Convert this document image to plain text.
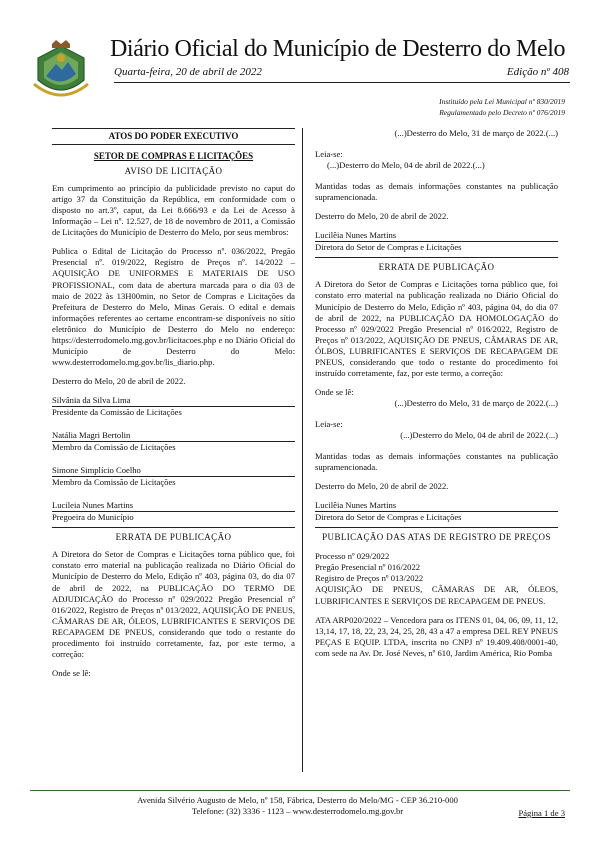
Diário Oficial do Município de Desterro do Melo
Quarta-feira, 20 de abril de 2022	Edição nº 408
Instituído pela Lei Municipal nº 830/2019
Regulamentado pelo Decreto nº 076/2019
ATOS DO PODER EXECUTIVO
SETOR DE COMPRAS E LICITAÇÕES
AVISO DE LICITAÇÃO

Em cumprimento ao princípio da publicidade previsto no caput do artigo 37 da Constituição da República, em conformidade com o disposto no art.3º, caput, da Lei 8.666/93 e da Lei de Acesso à Informação – Lei nº. 12.527, de 18 de novembro de 2011, a Comissão de Licitações do Município de Desterro do Melo, por seus membros:

Publica o Edital de Licitação do Processo nº. 036/2022, Pregão Presencial nº. 019/2022, Registro de Preços nº. 14/2022 – AQUISIÇÃO DE UNIFORMES E MATERIAIS DE USO PROFISSIONAL, com data de abertura marcada para o dia 03 de maio de 2022 às 13H00min, no Setor de Compras e Licitações da Prefeitura de Desterro do Melo, Minas Gerais. O edital e demais informações referentes ao certame encontram-se disponíveis no sítio eletrônico do Município de Desterro do Melo no endereço: https://desterrodomelo.mg.gov.br/licitacoes.php e no Diário Oficial do Município de Desterro do Melo: www.desterrodomelo.mg.gov.br/lis_diario.php.

Desterro do Melo, 20 de abril de 2022.

Silvânia da Silva Lima

Presidente da Comissão de Licitações

Natália Magri Bertolin

Membro da Comissão de Licitações

Simone Simplício Coelho

Membro da Comissão de Licitações

Lucileia Nunes Martins

Pregoeira do Município

ERRATA DE PUBLICAÇÃO

A Diretora do Setor de Compras e Licitações torna público que, foi constato erro material na publicação realizada no Diário Oficial do Município de Desterro do Melo, Edição nº 403, página 03, do dia 07 de abril de 2022, na PUBLICAÇÃO DO TERMO DE ADJUDICAÇÃO do Processo nº 029/2022 Pregão Presencial nº 016/2022, Registro de Preços nº 013/2022, AQUISIÇÃO DE PNEUS, CÂMARAS DE AR, ÓLEOS, LUBRIFICANTES E SERVIÇOS DE RECAPAGEM DE PNEUS, considerando que todo o restante do procedimento foi instruído corretamente, faz, por este termo, a correção:

Onde se lê:

(...)Desterro do Melo, 31 de março de 2022.(...)

Leia-se:

(...)Desterro do Melo, 04 de abril de 2022.(...)

Mantidas todas as demais informações constantes na publicação supramencionada.

Desterro do Melo, 20 de abril de 2022.

Lucilêia Nunes Martins

Diretora do Setor de Compras e Licitações

ERRATA DE PUBLICAÇÃO

A Diretora do Setor de Compras e Licitações torna público que, foi constato erro material na publicação realizada no Diário Oficial do Município de Desterro do Melo, Edição nº 403, página 04, do dia 07 de abril de 2022, na PUBLICAÇÃO DA HOMOLOGAÇÃO do Processo nº 029/2022 Pregão Presencial nº 016/2022, Registro de Preços nº 013/2022, AQUISIÇÃO DE PNEUS, CÂMARAS DE AR, ÓLBOS, LUBRIFICANTES E SERVIÇOS DE RECAPAGEM DE PNEUS, considerando que todo o restante do procedimento foi instruído corretamente, faz, por este termo, a correção:

Onde se lê:

(...)Desterro do Melo, 31 de março de 2022.(...)

Leia-se:

(...)Desterro do Melo, 04 de abril de 2022.(...)

Mantidas todas as demais informações constantes na publicação supramencionada.

Desterro do Melo, 20 de abril de 2022.

Lucilêia Nunes Martins

Diretora do Setor de Compras e Licitações

PUBLICAÇÃO DAS ATAS DE REGISTRO DE PREÇOS

Processo nº 029/2022

Pregão Presencial nº 016/2022

Registro de Preços nº 013/2022

AQUISIÇÃO DE PNEUS, CÂMARAS DE AR, ÓLEOS, LUBRIFICANTES E SERVIÇOS DE RECAPAGEM DE PNEUS.

ATA ARP020/2022 – Vencedora para os ITENS 01, 04, 06, 09, 11, 12, 13,14, 17, 18, 22, 23, 24, 25, 28, 43 a 47 a empresa DEL REY PNEUS PEÇAS E EQUIP. LTDA, inscrita no CNPJ nº 19.409.408/0001-40, com sede na Av. Dr. José Neves, nº 610, Jardim América, Rio Pomba

Avenida Silvério Augusto de Melo, nº 158, Fábrica, Desterro do Melo/MG - CEP 36.210-000
Telefone: (32) 3336 - 1123 – www.desterrodomelo.mg.gov.br	Página 1 de 3
